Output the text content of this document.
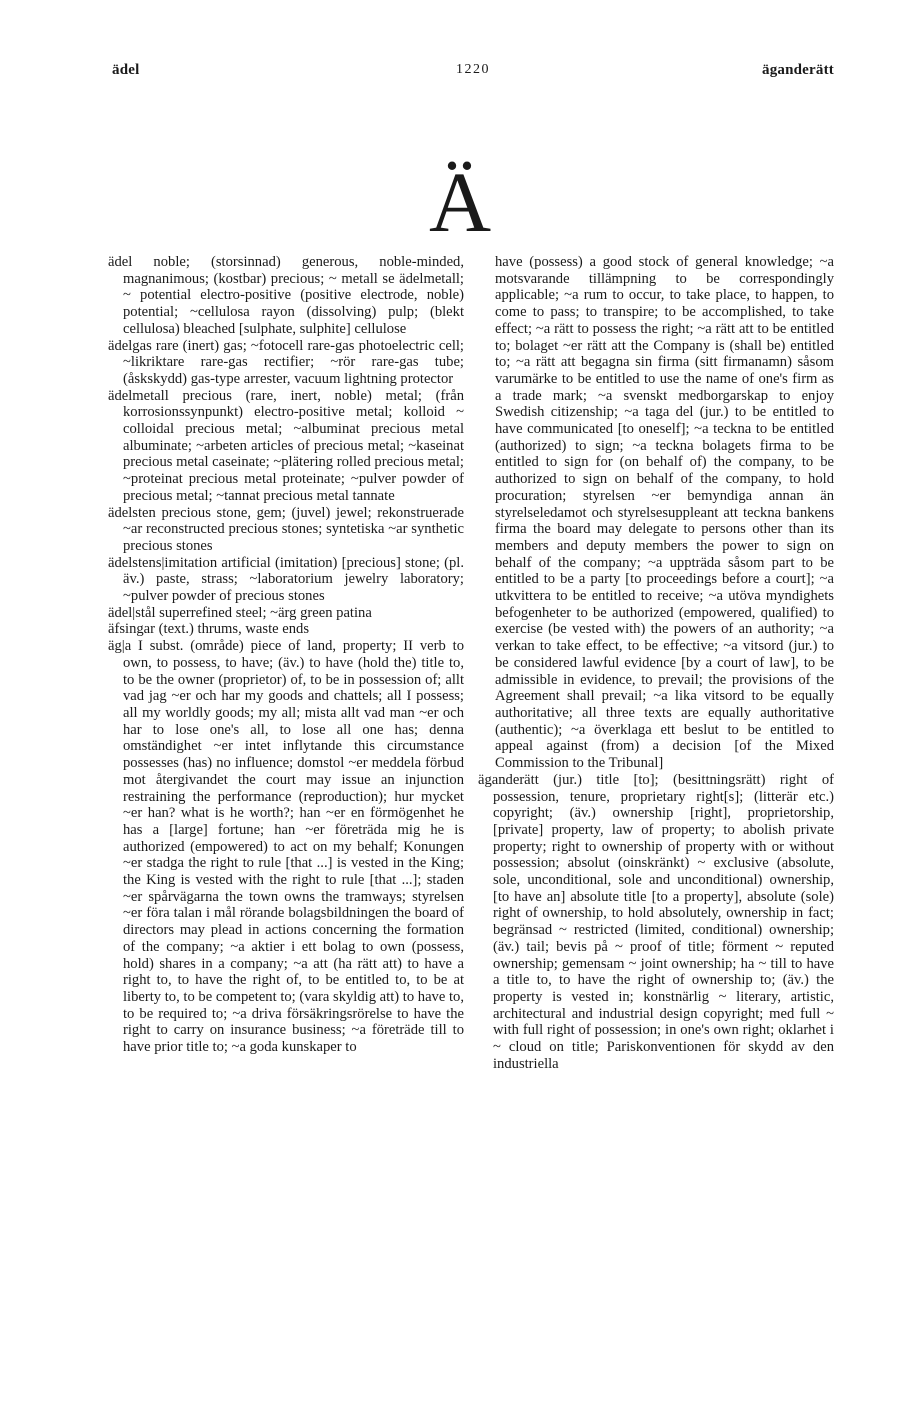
ädel	1220	äganderätt
Ä

ädel noble; (storsinnad) generous, noble-minded, magnanimous; (kostbar) precious; ~ metall se ädelmetall; ~ potential electro-positive (positive electrode, noble) potential; ~cellulosa rayon (dissolving) pulp; (blekt cellulosa) bleached [sulphate, sulphite] cellulose

ädelgas rare (inert) gas; ~fotocell rare-gas photoelectric cell; ~likriktare rare-gas rectifier; ~rör rare-gas tube; (åskskydd) gas-type arrester, vacuum lightning protector

ädelmetall precious (rare, inert, noble) metal; (från korrosionssynpunkt) electro-positive metal; kolloid ~ colloidal precious metal; ~albuminat precious metal albuminate; ~arbeten articles of precious metal; ~kaseinat precious metal caseinate; ~plätering rolled precious metal; ~proteinat precious metal proteinate; ~pulver powder of precious metal; ~tannat precious metal tannate

ädelsten precious stone, gem; (juvel) jewel; rekonstruerade ~ar reconstructed precious stones; syntetiska ~ar synthetic precious stones

ädelstens|imitation artificial (imitation) [precious] stone; (pl. äv.) paste, strass; ~laboratorium jewelry laboratory; ~pulver powder of precious stones

ädel|stål superrefined steel; ~ärg green patina

äfsingar (text.) thrums, waste ends

äg|a I subst. (område) piece of land, property; II verb to own, to possess, to have; (äv.) to have (hold the) title to, to be the owner (proprietor) of, to be in possession of; allt vad jag ~er och har my goods and chattels; all I possess; all my worldly goods; my all; mista allt vad man ~er och har to lose one's all, to lose all one has; denna omständighet ~er intet inflytande this circumstance possesses (has) no influence; domstol ~er meddela förbud mot återgivandet the court may issue an injunction restraining the performance (reproduction); hur mycket ~er han? what is he worth?; han ~er en förmögenhet he has a [large] fortune; han ~er företräda mig he is authorized (empowered) to act on my behalf; Konungen ~er stadga the right to rule [that ...] is vested in the King; the King is vested with the right to rule [that ...]; staden ~er spårvägarna the town owns the tramways; styrelsen ~er föra talan i mål rörande bolagsbildningen the board of directors may plead in actions concerning the formation of the company; ~a aktier i ett bolag to own (possess, hold) shares in a company; ~a att (ha rätt att) to have a right to, to have the right of, to be entitled to, to be at liberty to, to be competent to; (vara skyldig att) to have to, to be required to; ~a driva försäkringsrörelse to have the right to carry on insurance business; ~a företräde till to have prior title to; ~a goda kunskaper to

have (possess) a good stock of general knowledge; ~a motsvarande tillämpning to be correspondingly applicable; ~a rum to occur, to take place, to happen, to come to pass; to transpire; to be accomplished, to take effect; ~a rätt to possess the right; ~a rätt att to be entitled to; bolaget ~er rätt att the Company is (shall be) entitled to; ~a rätt att begagna sin firma (sitt firmanamn) såsom varumärke to be entitled to use the name of one's firm as a trade mark; ~a svenskt medborgarskap to enjoy Swedish citizenship; ~a taga del (jur.) to be entitled to have communicated [to oneself]; ~a teckna to be entitled (authorized) to sign; ~a teckna bolagets firma to be entitled to sign for (on behalf of) the company, to be authorized to sign on behalf of the company, to hold procuration; styrelsen ~er bemyndiga annan än styrelseledamot och styrelsesuppleant att teckna bankens firma the board may delegate to persons other than its members and deputy members the power to sign on behalf of the company; ~a uppträda såsom part to be entitled to be a party [to proceedings before a court]; ~a utkvittera to be entitled to receive; ~a utöva myndighets befogenheter to be authorized (empowered, qualified) to exercise (be vested with) the powers of an authority; ~a verkan to take effect, to be effective; ~a vitsord (jur.) to be considered lawful evidence [by a court of law], to be admissible in evidence, to prevail; the provisions of the Agreement shall prevail; ~a lika vitsord to be equally authoritative; all three texts are equally authoritative (authentic); ~a överklaga ett beslut to be entitled to appeal against (from) a decision [of the Mixed Commission to the Tribunal]

äganderätt (jur.) title [to]; (besittningsrätt) right of possession, tenure, proprietary right[s]; (litterär etc.) copyright; (äv.) ownership [right], proprietorship, [private] property, law of property; to abolish private property; right to ownership of property with or without possession; absolut (oinskränkt) ~ exclusive (absolute, sole, unconditional, sole and unconditional) ownership, [to have an] absolute title [to a property], absolute (sole) right of ownership, to hold absolutely, ownership in fact; begränsad ~ restricted (limited, conditional) ownership; (äv.) tail; bevis på ~ proof of title; förment ~ reputed ownership; gemensam ~ joint ownership; ha ~ till to have a title to, to have the right of ownership to; (äv.) the property is vested in; konstnärlig ~ literary, artistic, architectural and industrial design copyright; med full ~ with full right of possession; in one's own right; oklarhet i ~ cloud on title; Pariskonventionen för skydd av den industriella
